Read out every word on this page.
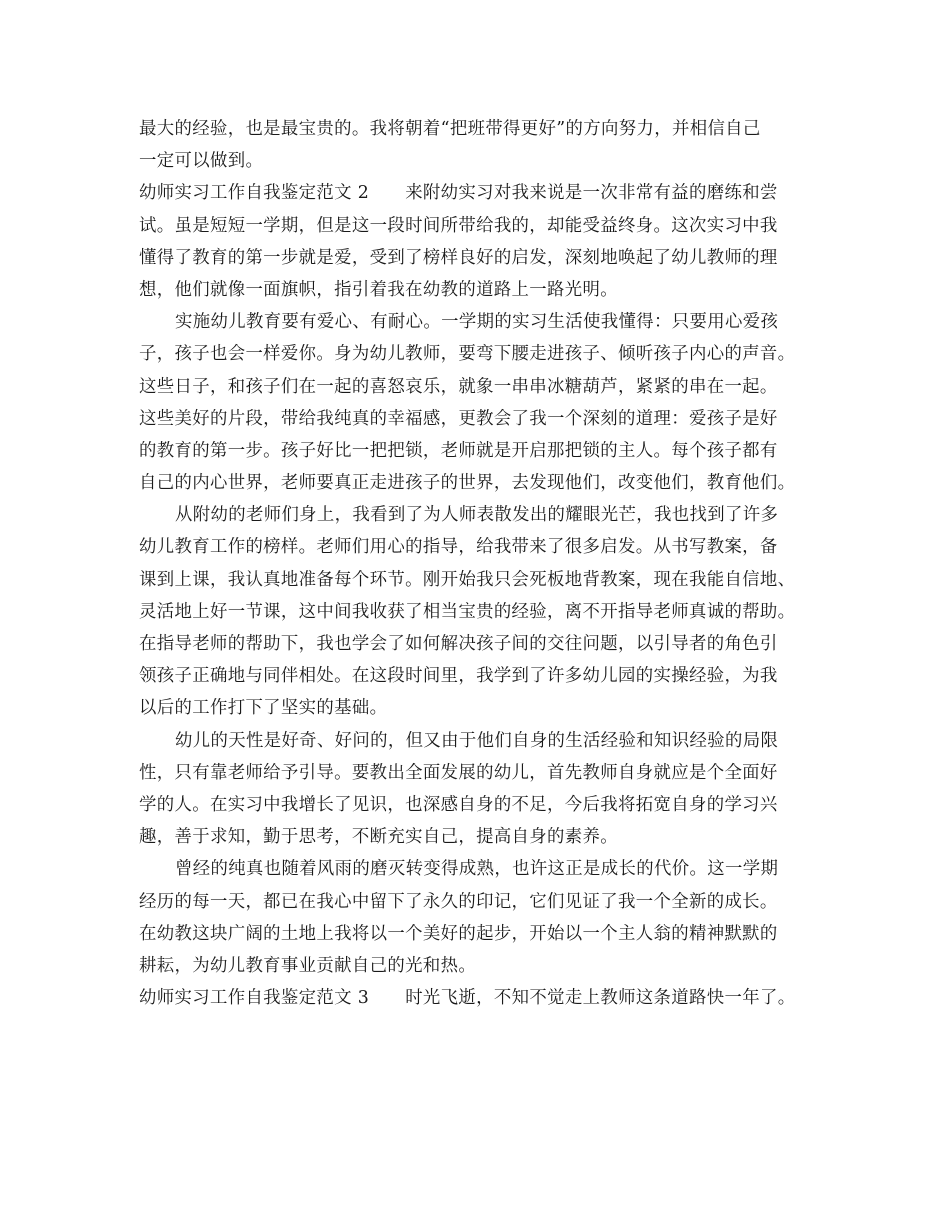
最大的经验，也是最宝贵的。我将朝着“把班带得更好”的方向努力，并相信自己
一定可以做到。
幼师实习工作自我鉴定范文 2 来附幼实习对我来说是一次非常有益的磨练和尝
试。虽是短短一学期，但是这一段时间所带给我的，却能受益终身。这次实习中我
懂得了教育的第一步就是爱，受到了榜样良好的启发，深刻地唤起了幼儿教师的理
想，他们就像一面旗帜，指引着我在幼教的道路上一路光明。
实施幼儿教育要有爱心、有耐心。一学期的实习生活使我懂得：只要用心爱孩
子，孩子也会一样爱你。身为幼儿教师，要弯下腰走进孩子、倾听孩子内心的声音。
这些日子，和孩子们在一起的喜怒哀乐，就象一串串冰糖葫芦，紧紧的串在一起。
这些美好的片段，带给我纯真的幸福感，更教会了我一个深刻的道理：爱孩子是好
的教育的第一步。孩子好比一把把锁，老师就是开启那把锁的主人。每个孩子都有
自己的内心世界，老师要真正走进孩子的世界，去发现他们，改变他们，教育他们。
从附幼的老师们身上，我看到了为人师表散发出的耀眼光芒，我也找到了许多
幼儿教育工作的榜样。老师们用心的指导，给我带来了很多启发。从书写教案，备
课到上课，我认真地准备每个环节。刚开始我只会死板地背教案，现在我能自信地、
灵活地上好一节课，这中间我收获了相当宝贵的经验，离不开指导老师真诚的帮助。
在指导老师的帮助下，我也学会了如何解决孩子间的交往问题，以引导者的角色引
领孩子正确地与同伴相处。在这段时间里，我学到了许多幼儿园的实操经验，为我
以后的工作打下了坚实的基础。
幼儿的天性是好奇、好问的，但又由于他们自身的生活经验和知识经验的局限
性，只有靠老师给予引导。要教出全面发展的幼儿，首先教师自身就应是个全面好
学的人。在实习中我增长了见识，也深感自身的不足，今后我将拓宽自身的学习兴
趣，善于求知，勤于思考，不断充实自己，提高自身的素养。
曾经的纯真也随着风雨的磨灭转变得成熟，也许这正是成长的代价。这一学期
经历的每一天，都已在我心中留下了永久的印记，它们见证了我一个全新的成长。
在幼教这块广阔的土地上我将以一个美好的起步，开始以一个主人翁的精神默默的
耕耘，为幼儿教育事业贡献自己的光和热。
幼师实习工作自我鉴定范文 3 时光飞逝，不知不觉走上教师这条道路快一年了。
